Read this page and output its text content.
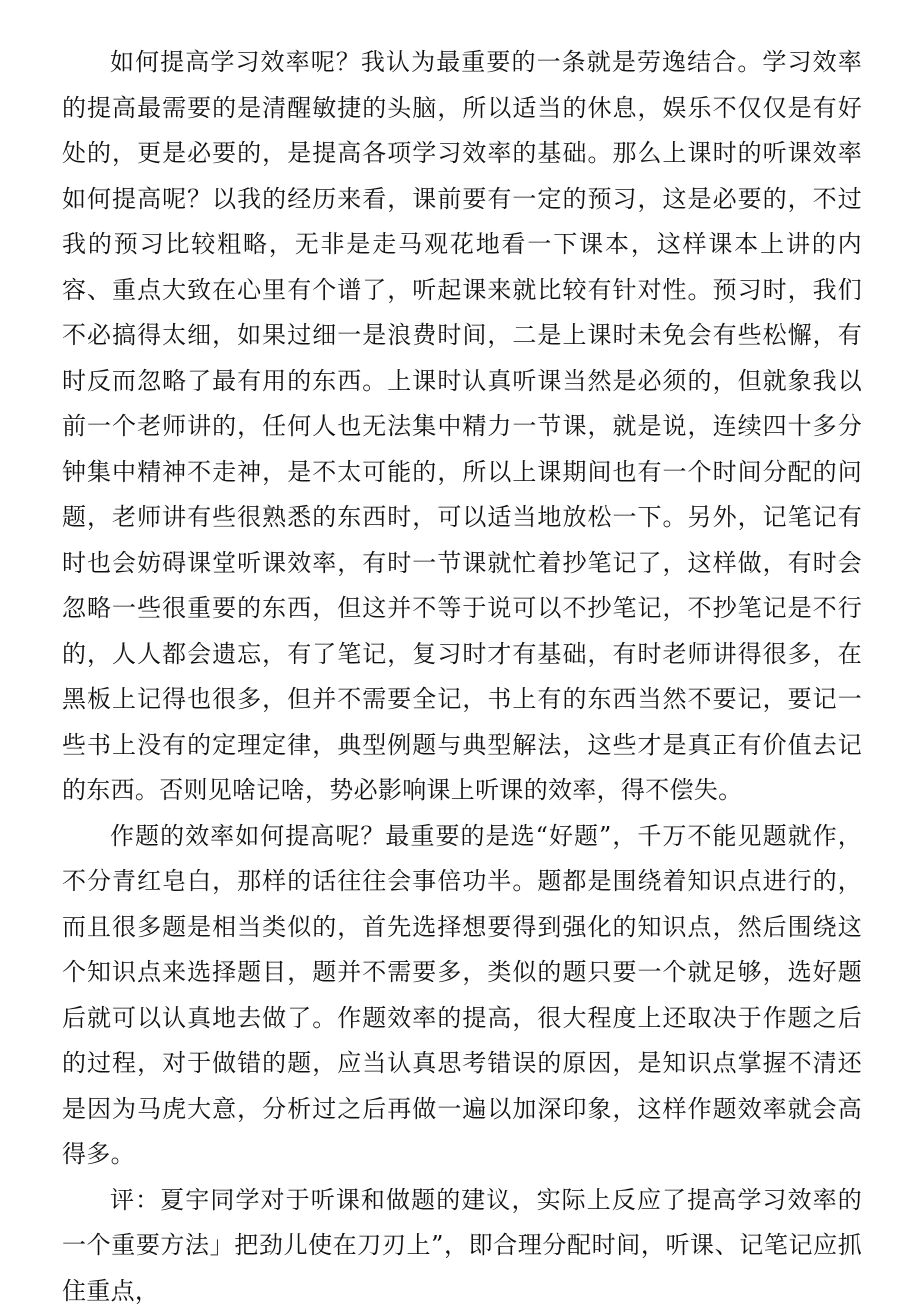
如何提高学习效率呢？我认为最重要的一条就是劳逸结合。学习效率的提高最需要的是清醒敏捷的头脑，所以适当的休息，娱乐不仅仅是有好处的，更是必要的，是提高各项学习效率的基础。那么上课时的听课效率如何提高呢？以我的经历来看，课前要有一定的预习，这是必要的，不过我的预习比较粗略，无非是走马观花地看一下课本，这样课本上讲的内容、重点大致在心里有个谱了，听起课来就比较有针对性。预习时，我们不必搞得太细，如果过细一是浪费时间，二是上课时未免会有些松懈，有时反而忽略了最有用的东西。上课时认真听课当然是必须的，但就象我以前一个老师讲的，任何人也无法集中精力一节课，就是说，连续四十多分钟集中精神不走神，是不太可能的，所以上课期间也有一个时间分配的问题，老师讲有些很熟悉的东西时，可以适当地放松一下。另外，记笔记有时也会妨碍课堂听课效率，有时一节课就忙着抄笔记了，这样做，有时会忽略一些很重要的东西，但这并不等于说可以不抄笔记，不抄笔记是不行的，人人都会遗忘，有了笔记，复习时才有基础，有时老师讲得很多，在黑板上记得也很多，但并不需要全记，书上有的东西当然不要记，要记一些书上没有的定理定律，典型例题与典型解法，这些才是真正有价值去记的东西。否则见啥记啥，势必影响课上听课的效率，得不偿失。

作题的效率如何提高呢？最重要的是选“好题”，千万不能见题就作，不分青红皂白，那样的话往往会事倍功半。题都是围绕着知识点进行的，而且很多题是相当类似的，首先选择想要得到强化的知识点，然后围绕这个知识点来选择题目，题并不需要多，类似的题只要一个就足够，选好题后就可以认真地去做了。作题效率的提高，很大程度上还取决于作题之后的过程，对于做错的题，应当认真思考错误的原因，是知识点掌握不清还是因为马虎大意，分析过之后再做一遍以加深印象，这样作题效率就会高得多。

评：夏宇同学对于听课和做题的建议，实际上反应了提高学习效率的一个重要方法」把劲儿使在刀刃上”，即合理分配时间，听课、记笔记应抓住重点，
